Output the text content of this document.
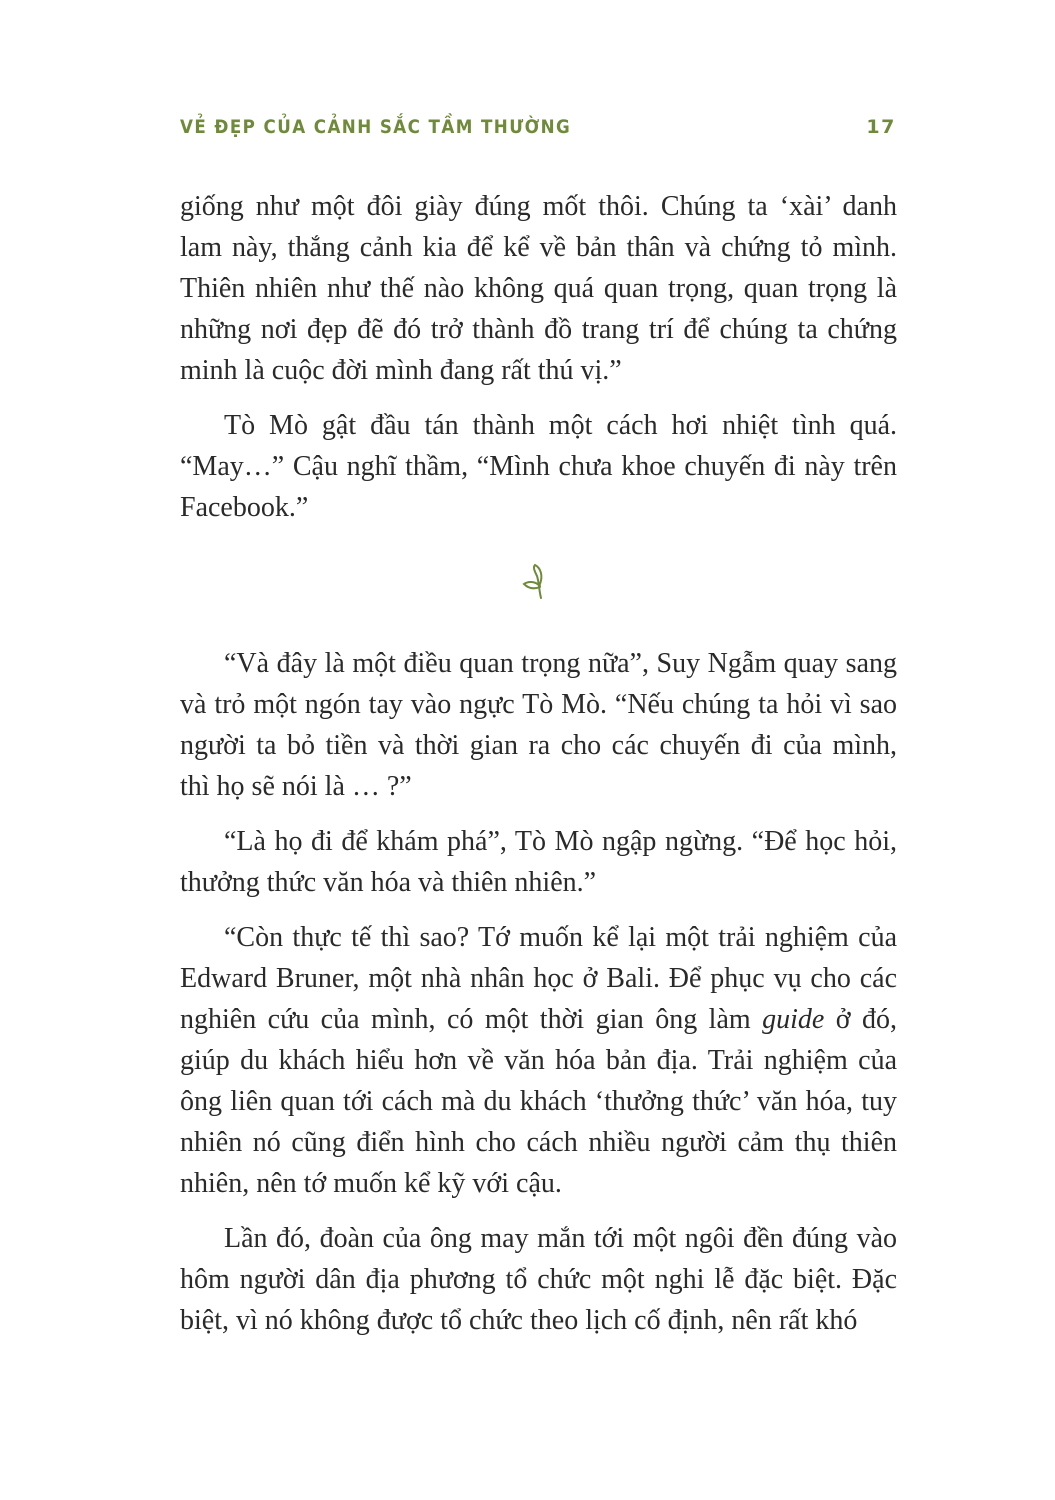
VẺ ĐẸP CỦA CẢNH SẮC TẦM THƯỜNG	17
giống như một đôi giày đúng mốt thôi. Chúng ta ‘xài’ danh
lam này, thắng cảnh kia để kể về bản thân và chứng tỏ mình.
Thiên nhiên như thế nào không quá quan trọng, quan trọng là
những nơi đẹp đẽ đó trở thành đồ trang trí để chúng ta chứng
minh là cuộc đời mình đang rất thú vị.”
Tò Mò gật đầu tán thành một cách hơi nhiệt tình quá.
“May…” Cậu nghĩ thầm, “Mình chưa khoe chuyến đi này trên
Facebook.”
“Và đây là một điều quan trọng nữa”, Suy Ngẫm quay sang
và trỏ một ngón tay vào ngực Tò Mò. “Nếu chúng ta hỏi vì sao
người ta bỏ tiền và thời gian ra cho các chuyến đi của mình,
thì họ sẽ nói là … ?”
“Là họ đi để khám phá”, Tò Mò ngập ngừng. “Để học hỏi,
thưởng thức văn hóa và thiên nhiên.”
“Còn thực tế thì sao? Tớ muốn kể lại một trải nghiệm của
Edward Bruner, một nhà nhân học ở Bali. Để phục vụ cho các
nghiên cứu của mình, có một thời gian ông làm guide ở đó,
giúp du khách hiểu hơn về văn hóa bản địa. Trải nghiệm của
ông liên quan tới cách mà du khách ‘thưởng thức’ văn hóa, tuy
nhiên nó cũng điển hình cho cách nhiều người cảm thụ thiên
nhiên, nên tớ muốn kể kỹ với cậu.
Lần đó, đoàn của ông may mắn tới một ngôi đền đúng vào
hôm người dân địa phương tổ chức một nghi lễ đặc biệt. Đặc
biệt, vì nó không được tổ chức theo lịch cố định, nên rất khó
